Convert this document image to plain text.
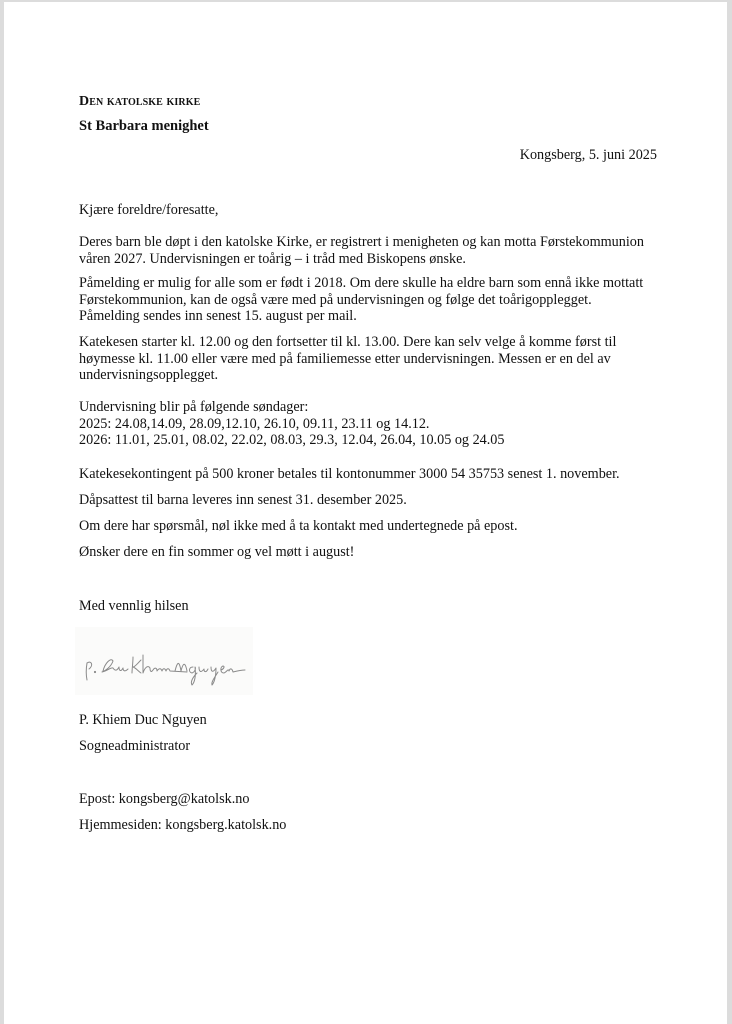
Den katolske kirke

St Barbara menighet

Kongsberg, 5. juni 2025

Kjære foreldre/foresatte,

Deres barn ble døpt i den katolske Kirke, er registrert i menigheten og kan motta Førstekommunion

våren 2027. Undervisningen er toårig – i tråd med Biskopens ønske.

Påmelding er mulig for alle som er født i 2018. Om dere skulle ha eldre barn som ennå ikke mottatt

Førstekommunion, kan de også være med på undervisningen og følge det toårigopplegget.

Påmelding sendes inn senest 15. august per mail.

Katekesen starter kl. 12.00 og den fortsetter til kl. 13.00. Dere kan selv velge å komme først til

høymesse kl. 11.00 eller være med på familiemesse etter undervisningen. Messen er en del av

undervisningsopplegget.

Undervisning blir på følgende søndager:

2025: 24.08,14.09, 28.09,12.10, 26.10, 09.11, 23.11 og 14.12.

2026: 11.01, 25.01, 08.02, 22.02, 08.03, 29.3, 12.04, 26.04, 10.05 og 24.05

Katekesekontingent på 500 kroner betales til kontonummer 3000 54 35753 senest 1. november.

Dåpsattest til barna leveres inn senest 31. desember 2025.

Om dere har spørsmål, nøl ikke med å ta kontakt med undertegnede på epost.

Ønsker dere en fin sommer og vel møtt i august!

Med vennlig hilsen

P. Khiem Duc Nguyen

Sogneadministrator

Epost: kongsberg@katolsk.no

Hjemmesiden: kongsberg.katolsk.no
